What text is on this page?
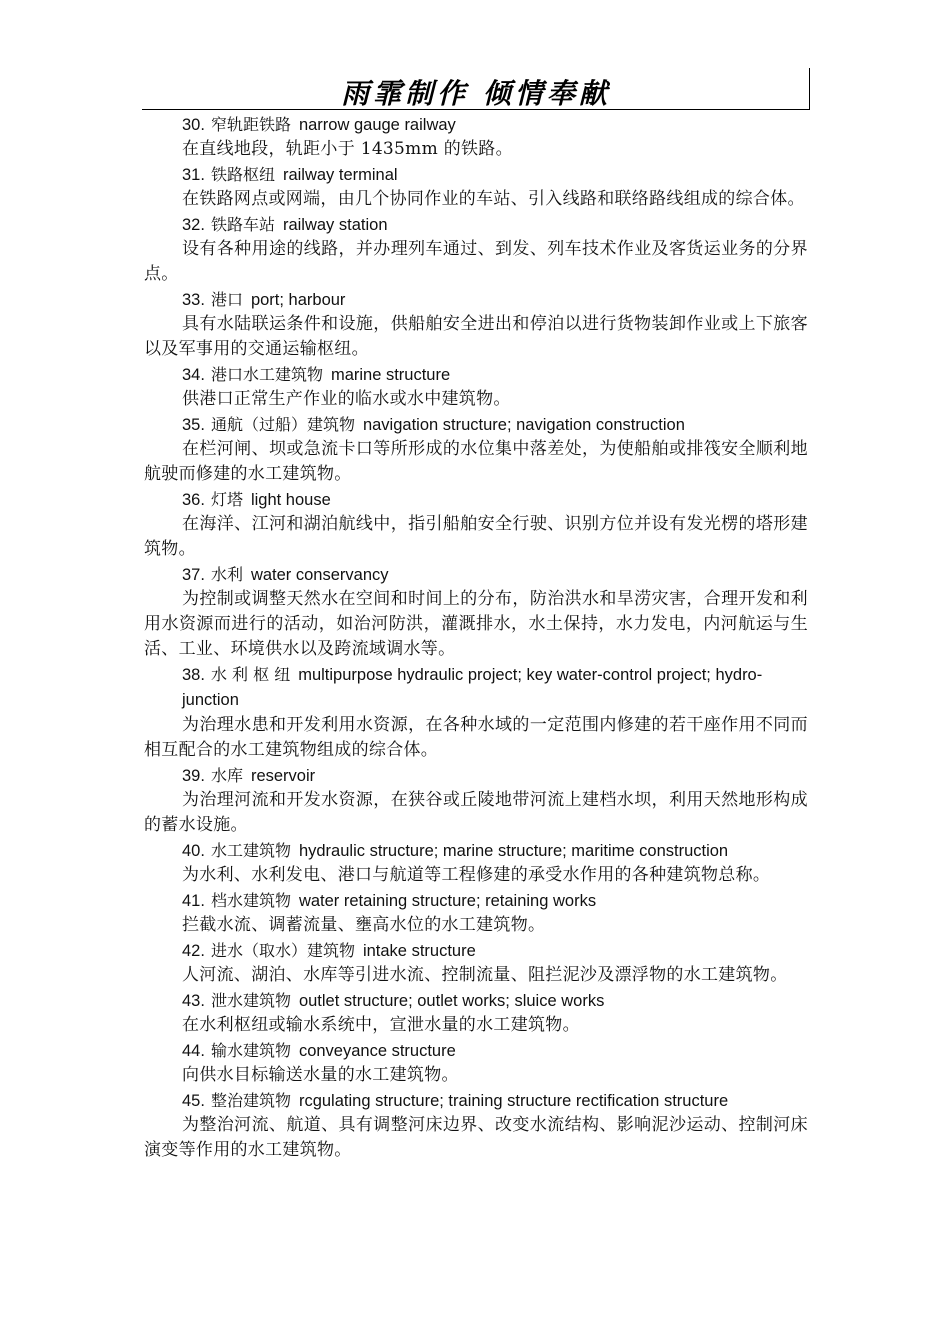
雨霏制作 倾情奉献
30. 窄轨距铁路 narrow gauge railway
在直线地段，轨距小于 1435mm 的铁路。
31. 铁路枢纽 railway terminal
在铁路网点或网端，由几个协同作业的车站、引入线路和联络路线组成的综合体。
32. 铁路车站 railway station
设有各种用途的线路，并办理列车通过、到发、列车技术作业及客货运业务的分界点。
33. 港口 port; harbour
具有水陆联运条件和设施，供船舶安全进出和停泊以进行货物装卸作业或上下旅客以及军事用的交通运输枢纽。
34. 港口水工建筑物 marine structure
供港口正常生产作业的临水或水中建筑物。
35. 通航（过船）建筑物 navigation structure; navigation construction
在栏河闸、坝或急流卡口等所形成的水位集中落差处，为使船舶或排筏安全顺利地航驶而修建的水工建筑物。
36. 灯塔 light house
在海洋、江河和湖泊航线中，指引船舶安全行驶、识别方位并设有发光楞的塔形建筑物。
37. 水利 water conservancy
为控制或调整天然水在空间和时间上的分布，防治洪水和旱涝灾害，合理开发和利用水资源而进行的活动，如治河防洪，灌溉排水，水土保持，水力发电，内河航运与生活、工业、环境供水以及跨流域调水等。
38. 水 利 枢 纽 multipurpose hydraulic project; key water-control project; hydro-junction
为治理水患和开发利用水资源，在各种水域的一定范围内修建的若干座作用不同而相互配合的水工建筑物组成的综合体。
39. 水库 reservoir
为治理河流和开发水资源，在狭谷或丘陵地带河流上建档水坝，利用天然地形构成的蓄水设施。
40. 水工建筑物 hydraulic structure; marine structure; maritime construction
为水利、水利发电、港口与航道等工程修建的承受水作用的各种建筑物总称。
41. 档水建筑物 water retaining structure; retaining works
拦截水流、调蓄流量、壅高水位的水工建筑物。
42. 进水（取水）建筑物 intake structure
人河流、湖泊、水库等引进水流、控制流量、阻拦泥沙及漂浮物的水工建筑物。
43. 泄水建筑物 outlet structure; outlet works; sluice works
在水利枢纽或输水系统中，宣泄水量的水工建筑物。
44. 输水建筑物 conveyance structure
向供水目标输送水量的水工建筑物。
45. 整治建筑物 rcgulating structure; training structure rectification structure
为整治河流、航道、具有调整河床边界、改变水流结构、影响泥沙运动、控制河床演变等作用的水工建筑物。
